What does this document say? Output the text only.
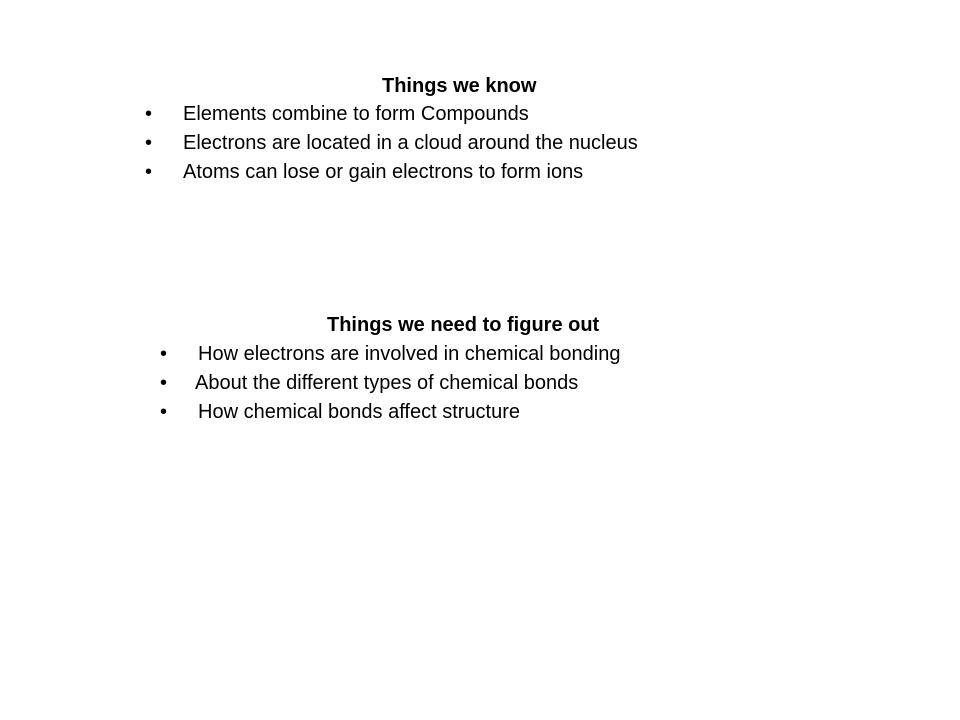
Things we know
• Elements combine to form Compounds
• Electrons are located in a cloud around the nucleus
• Atoms can lose or gain electrons to form ions
Things we need to figure out
• How electrons are involved in chemical bonding
• About the different types of chemical bonds
• How chemical bonds affect structure
